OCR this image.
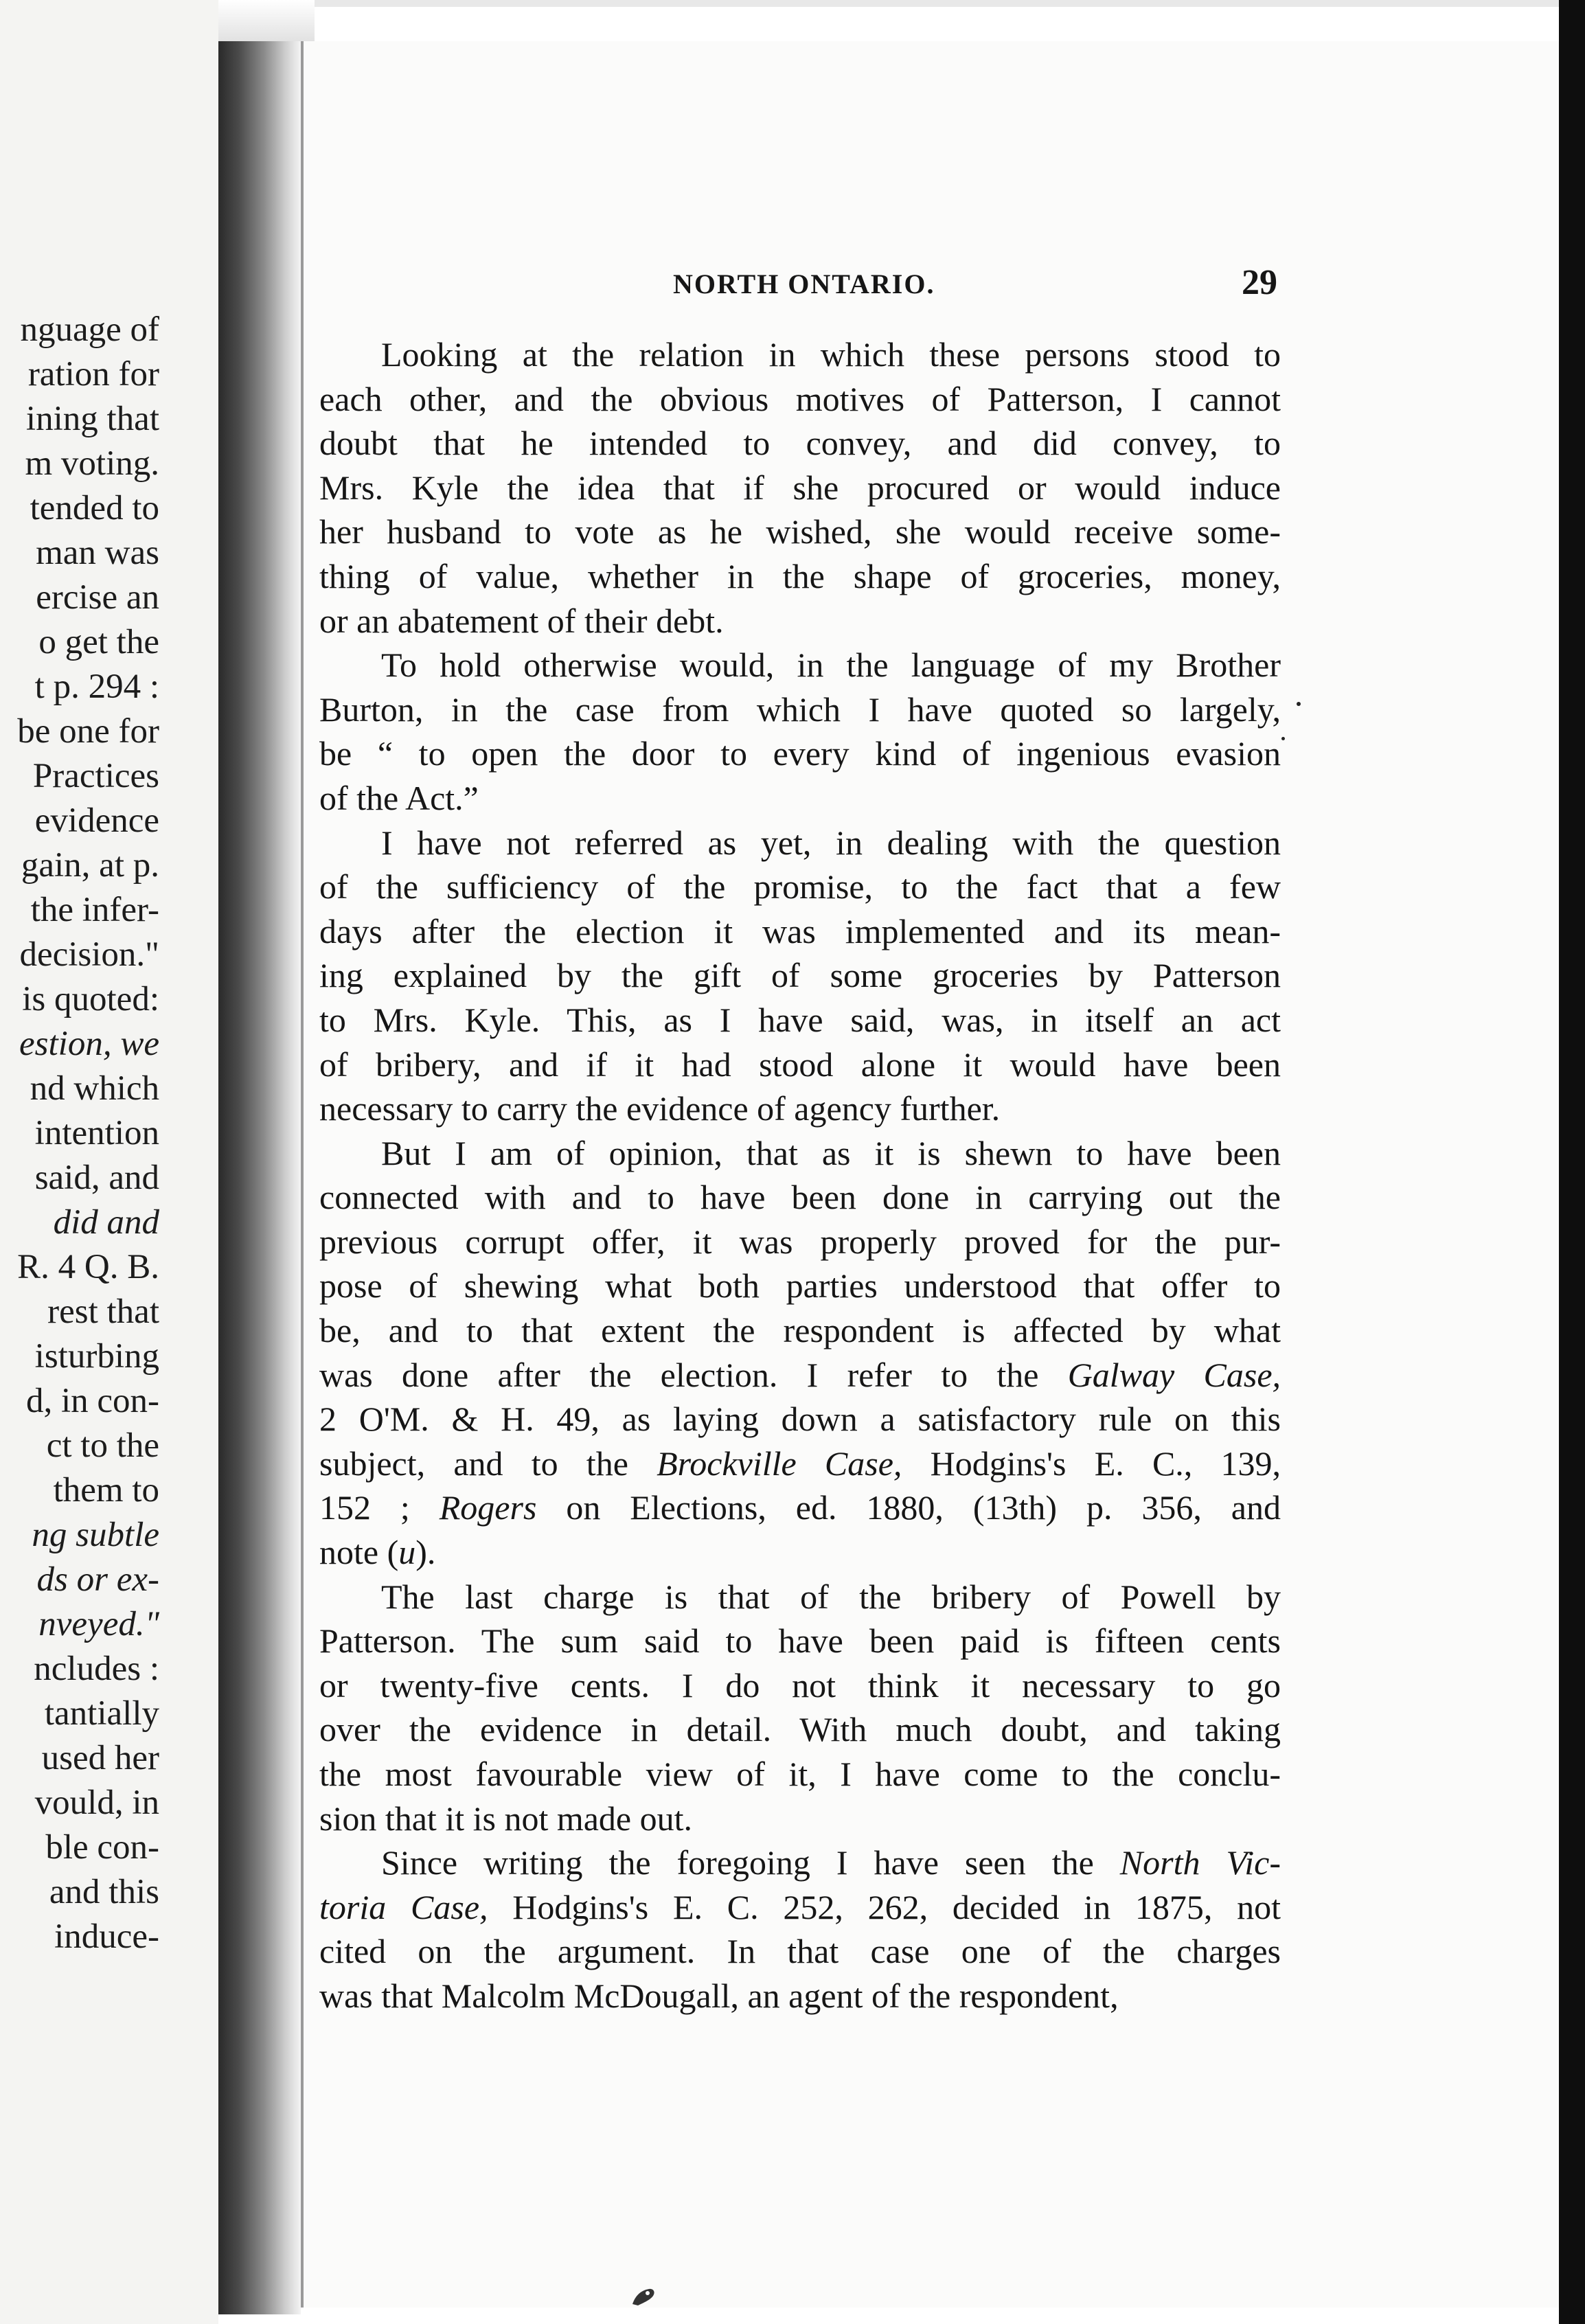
nguage of
ration for
ining that
m voting.
tended to
man was
ercise an
o get the
t p. 294 :
be one for
Practices
evidence
gain, at p.
the infer-
decision."
is quoted:
estion, we
nd which
intention
said, and
did and
R. 4 Q. B.
rest that
isturbing
d, in con-
ct to the
them to
ng subtle
ds or ex-
nveyed."
ncludes :
tantially
used her
vould, in
ble con-
and this
induce-
NORTH ONTARIO.	29

Looking at the relation in which these persons stood to
each other, and the obvious motives of Patterson, I cannot
doubt that he intended to convey, and did convey, to
Mrs. Kyle the idea that if she procured or would induce
her husband to vote as he wished, she would receive some-
thing of value, whether in the shape of groceries, money,
or an abatement of their debt.

To hold otherwise would, in the language of my Brother
Burton, in the case from which I have quoted so largely,
be “ to open the door to every kind of ingenious evasion
of the Act.”

I have not referred as yet, in dealing with the question
of the sufficiency of the promise, to the fact that a few
days after the election it was implemented and its mean-
ing explained by the gift of some groceries by Patterson
to Mrs. Kyle. This, as I have said, was, in itself an act
of bribery, and if it had stood alone it would have been
necessary to carry the evidence of agency further.

But I am of opinion, that as it is shewn to have been
connected with and to have been done in carrying out the
previous corrupt offer, it was properly proved for the pur-
pose of shewing what both parties understood that offer to
be, and to that extent the respondent is affected by what
was done after the election. I refer to the Galway Case,
2 O'M. & H. 49, as laying down a satisfactory rule on this
subject, and to the Brockville Case, Hodgins's E. C., 139,
152 ; Rogers on Elections, ed. 1880, (13th) p. 356, and
note (u).

The last charge is that of the bribery of Powell by
Patterson. The sum said to have been paid is fifteen cents
or twenty-five cents. I do not think it necessary to go
over the evidence in detail. With much doubt, and taking
the most favourable view of it, I have come to the conclu-
sion that it is not made out.

Since writing the foregoing I have seen the North Vic-
toria Case, Hodgins's E. C. 252, 262, decided in 1875, not
cited on the argument. In that case one of the charges
was that Malcolm McDougall, an agent of the respondent,
